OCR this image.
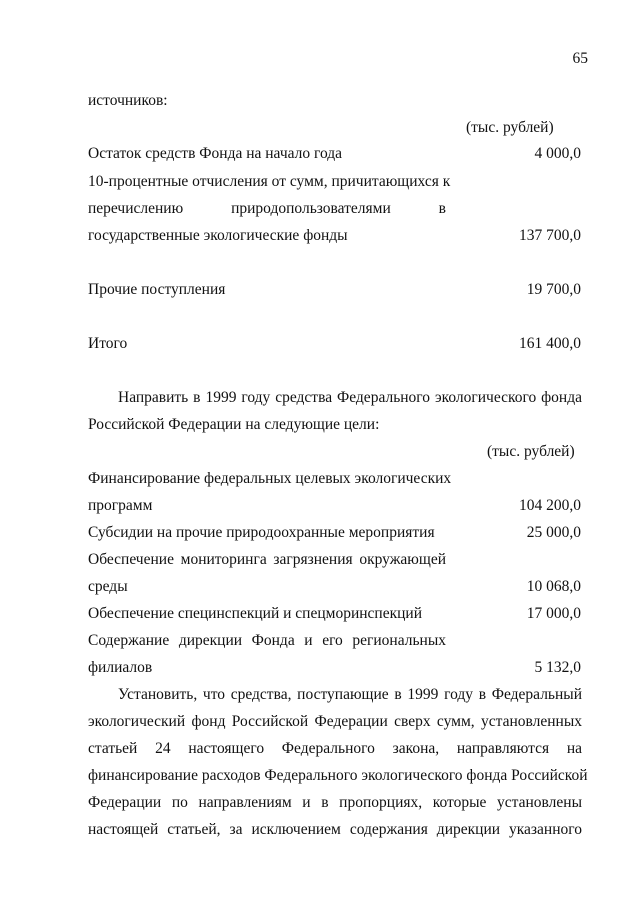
65
источников:
(тыс. рублей)
Остаток средств Фонда на начало года	4 000,0
10-процентные отчисления от сумм, причитающихся к
перечислению природопользователями в
государственные экологические фонды	137 700,0
Прочие поступления	19 700,0
Итого	161 400,0
Направить в 1999 году средства Федерального экологического фонда
Российской Федерации на следующие цели:
(тыс. рублей)
Финансирование федеральных целевых экологических
программ	104 200,0
Субсидии на прочие природоохранные мероприятия	25 000,0
Обеспечение мониторинга загрязнения окружающей
среды	10 068,0
Обеспечение специнспекций и спецморинспекций	17 000,0
Содержание дирекции Фонда и его региональных
филиалов	5 132,0
Установить, что средства, поступающие в 1999 году в Федеральный
экологический фонд Российской Федерации сверх сумм, установленных
статьей 24 настоящего Федерального закона, направляются на
финансирование расходов Федерального экологического фонда Российской
Федерации по направлениям и в пропорциях, которые установлены
настоящей статьей, за исключением содержания дирекции указанного
